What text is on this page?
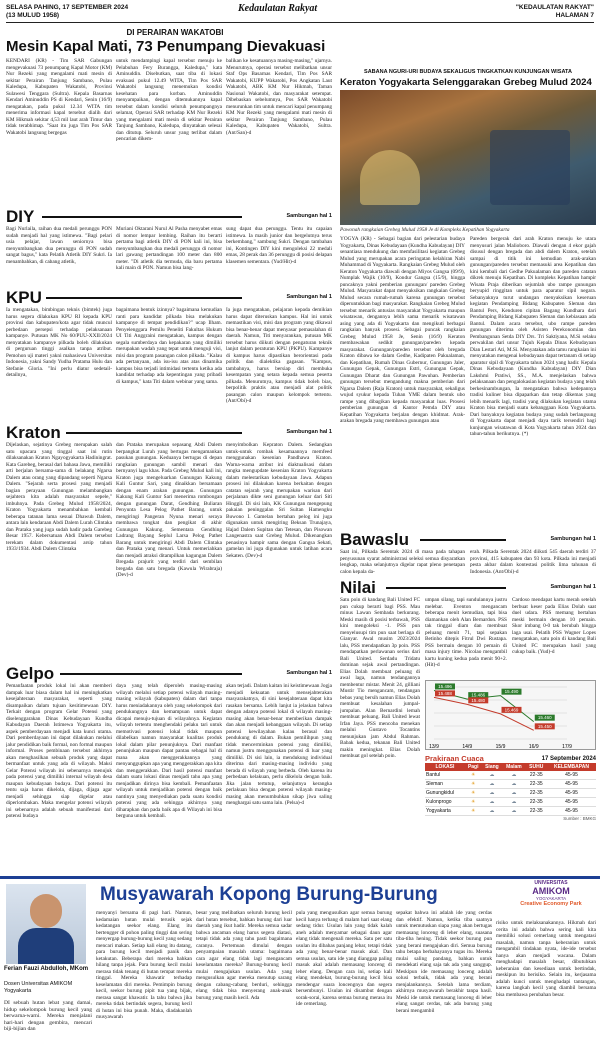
SELASA PAHING, 17 SEPTEMBER 2024
(13 MULUD 1958)
Kedaulatan Rakyat	"KEDAULATAN RAKYAT"
HALAMAN 7
DI PERAIRAN WAKATOBI
Mesin Kapal Mati, 73 Penumpang Dievakuasi
KENDARI (KR) - Tim SAR Gabungan mengevakuasi 73 penumpang Kapal Motor (KM) Nur Rezeki yang mengalami mati mesin di sekitar Perairan Tanjung Sambano, Pulau Kaledupa, Kabupaten Wakatobi, Provinsi Sulawesi Tenggara (Sultra). Kepala Basarnas Kendari Aminuddin PS di Kendari, Senin (16/9) mengatakan, pada pukul 12.34 WITA tim menerima informasi kapal tersebut dialih dari KM Hikmah sekitar 4,53 mil laut arah Timur dan tidak terabhimap. "Saat itu juga Tim Pos SAR Wakatobi langsung bergegas
untuk mendampingi kapal tersebut menuju ke Pelabuhan Fery Burangga, Kaledupa," kata Aminuddin. Disebutkan, saat tiba di lokasi evakuasi pukul 12.49 WITA, Tim Pos SAR Wakatobi langsung menemukan kondisi kesehatan para korban. Aminuddin menyampaikan, dengan ditemukannya kapal tersebut dalam kondisi seluruh penumpangnya selamat, Operasi SAR terhadap KM Nur Rezeki yang mengalami mati mesin di sekitar Perairan Tanjung Sambano, Kaledupa, dinyatakan selesai dan ditutup. Seluruh unsur yang terlibat dalam pencarian dikem-
balikan ke kesatuannya masing-masing," ujarnya. Menurutnya, operasi tersebut melibatkan unsur Staf Ops Basarnas Kendari, Tim Pos SAR Wakatobi, KUPP Wakatobi, Pos Angkatan Laut Wakatobi, ABK KM Nur Hikmah, Taman Nasional Wakatobi, dan masyarakat setempat. Dibebaskan sebelumnya, Pos SAR Wakatobi menurunkan tim untuk mencari kapal penumpang KM Nur Rezeki yang mengalami mati mesin di sekitar Perairan Tanjung Sambano, Pulau Kaledupa, Kabupaten Wakatobi, Sultra. (Ant/San)-d
DIY	Sambungan hal 1
Bagi Nurlaila, raihan dua medali perunggu PON sudah menjadi hal yang istimewa. "Bagi pelari usia pelajar, lawan seniornya bisa menyumbangkan dua perunggu di PON sudah sangat bagus," kata Pelatih Atletik DIY Sukri. Ia menambahkan, di cabang atletik,
Muriani Oktarani Nurul Al Pasha menyabet emas di nomor lempar lembing. Raihan itu berarti pertama bagi atletik DIY di PON kali ini, bisa menyumbangkan dua medali perunggu di nomor lari gawang pertandingan 100 meter dan 800 meter. "Di atletik dia termuda, dia baru pertama kali main di PON. Namun bisa lang-
sung dapat dua perunggu. Tentu itu capaian istimewa. Ia masih junior dan bergelutnya terus berkembang," sambung Sukri. Dengan tambahan ini, Kontingen DIY kini mengoleksi 22 medali emas, 28 perak dan 36 perunggu di posisi delapan klasemen sementara. (Yud/Hit)-d
KPU	Sambungan hal 1
Ia mengatakan, bimbingan teknis (bimtek) juga harus segera dilakukan KPU RI kepada KPU provinsi dan kabupaten/kota agar tidak muncul perbedaan persepsi terhadap pelaksanaan kampanye. Putusan MK No 60/PUU-XXII/2024 menyatakan kampanye pilkada boleh dilakukan di perguruan tinggi asalkan tanpa atribut. Pemohon uji materi yakni mahasiswa Universitas Indonesia, yakni Sandy Yudha Pratama Hulu dan Stefanie Gloria. "Ini perlu diatur sedetail-detailnya,
bagaimana bentuk izinnya? bagaimana kemudian ranti para kandidat pilkada bisa melakukan kampanye di tempat pendidikan?" ucap Ilham. Penyelenggara Pemilu Peneliti Fakultas Hukum UI Titi Anggraini mengatakan, kampus dengan segala sumberdaya dan kepakaran yang dimiliki merupakan wadah yang tepat untuk menguji visi, misi dan program pasangan calon pilkada. "Kalau ada pertanyaan, ada isu-isu atas atas dinamika kampus bisa terjadi intimidasi tertentu ketika ada kandidat terhadap ada kepentingan yang pribadi di kampus," kata Titi dalam webinar yang sama.
Ia juga mengatakan, pelajaran kepada demikian harus dapat diteruskan kampus. Hal ini untuk memastikan visi, misi dan program yang dikawal bisa benar-benar dapat menyasar pemasalahan di daerah. Namun, Titi menyarankan, putusan MK tersebut harus diikuti dengan pengaturan teknik lanjut dalam peraturan KPU (PKPU). Kampanye di kampus harus dipastikan berorientasi pada politik dan dialektika gagasan. "Kampus, tambahnya, harus bersiap diri membuka kesempatan yang setara kepada semua peserta pilkada. Menurutnya, kampus tidak boleh bias, berpolitik praktis atau menjadi alat politik pasangan calon maupun kelompok tertentu. (Ant/Obi)-d
Kraton	Sambungan hal 1
Dijelaskan, sejatinya Grebeg merupakan salah satu upacara yang tinggal saat ini rutin dilaksanakan Kraton Ngayogyakarta Hadiningrat. Kata Garebeg, berasal dari bahasa Jawa, memiliki arti berjalan bersama-sama di belakang Ngarsa Dalem atau orang yang dipandang seperti Ngarsa Dalem. "Sejarah serta prosesi yang menjadi bagian perayaan Gunungan melambangkan sejahtera kita adalah masyarakat sepele," imbuhnya. Pada Grebeg Mulud 1958/2024, Kraton Yogyakarta menambahkan kembali beberapa tatanan lama sesuai Dhawuh Dalem, antara lain kendaraan Abdi Dalem Lurah Clintaka dan Prataka yang juga sudah hadir pada Garebeg Besar 1957. Kebersatuan Abdi Dalem tersebut terekam dalam dokumentasi arsip tahun 1933/1934. Abdi Dalem Clintaka
dan Prataka merupakan sepasang Abdi Dalem berpangkat Lurah yang bertugas mengamankan pasukan gunungan. Keduanya bertugas di depan rangkaian gunungan sambil menari dan bernyanyi lagu khas. Pada Grebeg Mulud kali ini, Kraton juga mengeluarkan Gunungan Kakung Kali Guntur Sari, yang dinaikkan bersamaan dengan enam arakan gunungan. Gunungan Kakung Kali Guntur Sari menerima rombongan dengan gunungan Darat, Gendhing Buliaran Penyunta Lesa Pelog Pathet Barang, untuk mengiringi Pangeran Nyuna menari seraya membawa tongkat dan pengikat di akhir Gunungan Kakung. Sementara Gendhing Ladrang Bayang Seplul Larsa Pelog Pathet Barang untuk mengiringi Abdi Dalem Clintaka dan Prataka yang menari. Untuk memeriahkan dan menjadi atraksi ditampilkan kagungan Dalem Bregada prajurit yang terdiri dari sembilan bregada dan satu bregada (Kawula Wirabraja) (Dev)-d
menyimbolkan Kepraton Dalem. Sedangkan untuk-untuk rombak kesamaannya memfeed menggunakan kesenian Pandhawa Kraton. Warna-warna atribut ini diaktualisasi dalam rangka mengupdate kesenian Kraton Yogyakarta dalam melestarikan kebudayaan Jawa. Adapun prosesi ini dilakukan karena berkaitan dengan catatan sejarah yang merupakan warisan dari perjalanan dikte seni gunungan keluar dari Siti Hinggil. Di sisi lain, KK Gunungan mengepung pakaian peninggalan Sri Sultan Hamengku Buwono I. Gamelan bertahan pelog ini juga digunakan untuk mengiring Beksan Trunajaya, Hajad Dalem Supitan dan Tetesan, dan Pisowan Langenastra saat Grebeg Mulud. Dikenangkan penasinya hampir sama dengan Gangsa Sekati, gamelan ini juga digunakan untuk latihan acara Sekaten. (Dev)-d
Gelpo	Sambungan hal 1
Pemanfaatan produk lokal ini akan memberi dampak luar biasa dalam hal ini meningkatkan kesejahteraan masyarakat, seperti yang disampaikan dalam tujuan kesitimewaan DIY. Terkait dengan program Gelar Potensi yang diselenggarakan Dinas Kebudayaan Kundha Kabudayan Daerah Istimewa Yogyakarta itu, aspek pemberdayaan menjadi kata kunci utama. Dari pemberdayaan ini dapat dilakukan melalui jalur pendidikan baik formal, non formal maupun informal. Proses pembinaan tersebut akhirnya akan menghasilkan sebuah produk yang dapat bermanfaat untuk yang ada di wilayah. Maksi Gelar Potensi wilayah ini sebenarnya menujuk pada potensi yang dimiliki internal wilayah desa maupun kebudayaan budaya. Dari potensi itu tentu saja harus dikelola, dijaga, dijaga agar menjadi sehingga siap digelar atau diperlombakan. Maka mengelar potensi wilayah ini sebenarnya adalah sebuah manifestasi dari potensi budaya
daya yang telah diperoleh masing-masing wilayah melalui setiap potensi wilayah masing-masing wilayah (kabupaten) dalam dari tanpa harus meniadakannya oleh yang sekelompok dari pendukungnya dan kemampuan untuk dapat dicapai menuju-tujuan di wilayahnya. Kegiatan wilayah tertentu menghendaki pelaku tari untuk memotivasi potensi lokal tidak maupun dilabelkan namun masyarakat kualitas produk lokal dalam pilar penunjuknya. Dari manfaat penunjukan maupun dapat pantau sebagai hal di mana akan menggerakkannya yang menyanggupkan apa yang menggerakkan apa kita dan menggerakkan. Dari hasil potensi manfaat dalam suatu lokasi dinas menjadi tahu apa yang menjadikan dirinya bisa kembali. Pemanfaatan wilayah untuk menjadikan potensi dengan baik nantinya yang menyediakan pada suatu kondisi potensi yang ada sehingga akhirnya yang diharapkan dan pada baik apa di Wilayah ini bisa berguna untuk kembali.
akan terjadi. Dalam kaitan ini keistimewaan Jogja menjadi kekuatan untuk mensejahterakan masyarakatnya, di sini kesejahteraan dapat kita rasakan bersama. Lebih lanjut ia jelaskan bahwa dengan adanya potensi lokal di wilayah masing-masing akan benar-benar memberikan dampak dan akan menjadi kebanggaan wilayah. Di setiap potensi kewilayahan kalau berasal dan pendukung di dalam. Bukan pemilihpun yang tidak mencerminkan potensi yang dimiliki, namun justru menggunakan potensi di luar yang dimiliki. Di sisi lain, ia mendukung individual diterima dari masing-masing individu yang berada di wilayah yang berbeda. Oleh karena itu perbedaan kelakuan, perlu dikelola dengan baik. Jika jalan tertutup, selanjutnya kerangka perlakuan bisa dengan potensi wilayah masing-masing akan menumbuhkan sikap jiwa saling menghargai satu sama lain. (Pelsa)-d
SABANA NGURI-URI BUDAYA SEKALIGUS TINGKATKAN KUNJUNGAN WISATA
Keraton Yogyakarta Selenggarakan Grebeg Mulud 2024
Pawonah rangkaian Grebeg Mulud 1958 Je di Kompleks Kepatihan Yogyakarta
YOGYA (KR) - Sebagai bagian dari pelestarian budaya Yogyakarta, Dinas Kebudayaan (Kundha Kabudayan) DIY senantiasa mendukung dan memfasilitasi kegiatan Grebeg Mulud yang merupakan acara peringatan kelahiran Nabi Muhammad di Yogyakarta. Rangkaian Grebeg Mulud oleh Keraton Yogyakarta diawali dengan Miyos Gangsa (09/9), Numplak Wajik (10/9), Kondur Gangsa (15/9), hingga puncaknya yakni pemberian gunungan/ pareden Grebeg Mulud. Masyarakat dapat menyaksikan rangkaian Grebeg Mulud secara rumah-rumah karena gunungan tersebut diperuntukkan bagi masyarakat. Rangkaian Grebeg Mulud tersebut menarik antusias masyarakat Yogyakarta maupun wisatawan, dengannya lebih sama menarik wisatawan asing yang ada di Yogyakarta dan mengikuti berbagai rangkaian banyak prosesi. Sebagai puncak rangkaian Grebeg Mulud 1958 Je, Senin (16/9) Keraton membawakan sedikit gunungan/pareden kepada masyarakat. Gunungan/pareden tersebut oleh bregada Kraton dibawa ke dalam Gedhe, Kadipaten Pakualaman, dan Kepatihan, Rumah Dinas Gubernur, Gunungan Jaler, Gunungan Gepak, Gunungan Estri, Gunungan Gepak, Gunungan Dharat dan Gunungan Pawuhan. Pemberian gunungan tersebut mengandung makna pemberian dari Ngarsa Dalem (Raja Kraton) untuk masyarakat, sekaligus wujud syukur kepada Tuhan YME dalam bentuk ubo rampe yang dibagikan kepada masyarakat luas. Prosesi pemberian gunungan di Kantor Pemda DIY atau Kepatihan Yogyakarta berjalan dengan khidmat. Arak-arakan bregada yang membawa gunungan atau
Pareden bergerak dari arah Kraton menuju ke utara menyusuri jalan Malioboro. Diawali dengan 4 ekor gajah disusul dengan bregada dan abdi dalem Kraton, setelah sampai di titik ini kemudian arak-arakan gunungan/pareden tersebut memasuki area Kepatihan dan kini kembali dari Gedhe Pakualaman dan pareden catatan dikrek menuju Kepatihan. Di kompleks Kepatihan hampir Wisata Praja diberikan sejumlah ubo rampe gunungan beryupid ringgitan untuk para aparatur sipil negara. Sebanyaknya turut undangan menyaksikan keseruan kegiatan Pendamping Bidang Kabupaten Sleman dan Bantul Pers, Kenduren cipitan Bagang Kundhara dari Pendamping Bidang Kabupaten Sleman dan kebiasaan ada Bantul. Dalam acara tersebut, ubo rampe pareden gunungan diterima oleh Asisten Perekonomian dan Pembangunan Setda DIY Drs. Tri Saktiyana, M.Si selaku perwakilan dari unsur Tujuh Kepala Dinas Kebudayaan Dian Lestari Ati, M.Si. Menyatakan ada tamu rangkaian ini menyatakan mengenai kebudayaan dapat tertanam di setiap aparatur sipil di Yogyakarta tahun 2024 yang hadir. Kepala Dinas Kebudayaan (Kundha Kabudayan) DIY Dian Lakshmi Pratiwi, SS., M.A. menjelaskan bahwa pelaksanaan dan pengalokasian kegiatan budaya yang telah berkesinambungan, Ia mengatakan bahwa kedepannya tradisi kuliner bisa dipaparkan dan tetap dikemas yang lebih menarik lagi, tradisi yang dilakukan kegiatan utama Kraton bisa menjadi suatu kebanggaan Kota Yogyakarta. Dari banyaknya kegiatan budaya yang sudah berlangsung di Yogyakarta dapat menjadi daya tarik tersendiri bagi kunjungan wisatawan di Kota Yogyakarta tahun 2024 dan tahun-tahun berikutnya. (*)
Bawaslu	Sambungan hal 1
Saat ini, Pilkada Serentak 2024 di masa pada tahapan penyusunan syarat administrasi seleksi semua disyaratkan lengkap, maka selanjutnya digelar rapat pleno penetapan calon kepala da-
erah. Pilkada Serentak 2024 diikuti 545 daerah terdiri 37 provinsi, 415 kabupaten dan 93 kota. Pilkada ini menjadi pesta akbar dalam kontestasi politik lima tahunan di Indonesia. (Ant/Obi)-d
Nilai	Sambungan hal 1
Satu poin di kandang Bali United FC pun cukup berarti bagi PSS. Mau minus Lawan Sembada berkurang. Meski masih di posisi terbawah, PSS kini mengoleksi -1. PSS pun menyelusupi tim pun saat berlaga di Gianyar. Awal musim 2023/2024 lalu, PSS mendapatkan 3p poin. PSS mendapatkan perlawanan serius dari Bali United. Serdadu Tridatu dominan sejak awal pertandingan. Elias Dolah membuat peluang di awal laga, namun tendangannya membentur mistar. Menit 24, gilliani Mustir Tio mengancam, tendangan bebas yang bersih namun Elias Dolah membuat kesalahan jumpal-jumpalan. Alan Bernardini lemah membuat peluang. Bali United lewat Irfan Jaya. PSS mencoba menekan melalui Gustavo Tocantins menunjukan jam Abdul Rahman. Babak kedua, tekanan Bali United makin meningkat. Elias Dolah membuat gol setelah poin.
umpan silang, tapi sundulannya justru melebar. Eventon mengancam beberapa menit kemudian, tapi bisa diamankan oleh Alan Bernardon. PSS tak tinggal diam dan membuat peluang menit 71, tapi sepakan Betinho ditepis Fitrul Dwi Rustapa. PSS bermain dengan 10 pemain di masa injury time. Nicolao mengambil kartu kuning kedua pada menit 90+2. (Hit)-d
Cardoso mendapat kartu merah setelah berbuat keser pada Elias Dolah saat duel udara. PSS memang bertahan meski bermain dengan 10 pemain. Skor imbang 0-0 tak berubah hingga laga usai. Pelatih PSS Wagner Lopes mengatakan, satu poin di kandang Bali United FC merupakan hasil yang cukup baik. (Yud)-d
15.496
15.486
15.490
15.460
15.488
15.480
15.469
15.450
13/9	14/9	15/9	16/9	17/9
Prakiraan Cuaca	17 September 2024
LOKASI	Pagi	Siang	Malam	SUHU	KELEMBAPAN
Bantul	☀	☁	☁	22-35	45-95
Sleman	☀	☁	☁	22-35	45-95
Gunungkidul	☀	☁	☁	22-35	45-95
Kulonprogo	☀	☁	☁	22-35	45-95
Yogyakarta	☀	☁	☁	22-35	45-95
Sumber : BMKG
Musyawarah Kopong Burung-Burung
UNIVERSITAS
AMIKOM
YOGYAKARTA
Creative Economy Park
Ferian Fauzi Abdulloh, MKom
Dosen Universitas AMIKOM Yogyakarta
DI sebuah hutan lebat yang damai, hidup sekelompok burung kecil yang berwarna-warni. Mereka menjalani hari-hari dengan gembira, mencari biji-bijian dan
menyanyi bersama di pagi hari. Namun, kedamaian hutan mulai terusik sejak kedatangan seekor elang. Elang itu bertengger di pohon paling tinggi dan sering menyergap burung-burung kecil yang sedang mencari makan. Setiap kali elang itu datang, para burung kecil menjadi panik dan ketakutan. Beberapa dari mereka bahkan hilang tanpa jejak. Para burung kecil mulai merasa tidak tenang di hutan tempat mereka tinggal. Mereka khawatir terhadap keselamatan diri mereka. Pemimpin burung kecil, seekor burung pipit tua yang bijak, merasa sangat khawatir. Ia tahu bahwa jika mereka tidak bertindak segera, burung kecil di hutan ini bisa punah. Maka, diadakanlah musyawarah
besar yang melibatkan seluruh burung kecil dari hutan tersebut, bahkan burung dari luar daerah yang ikut hadir. Mereka semua sadar bahwa ancaman elang harus segera diatasi, tetapi tidak ada yang tahu pasti bagaimana caranya. Pertemuan dimulai dengan penyampaian masalah utama: bagaimana cara agar elang tidak lagi mengancam keselamatan mereka? Burung-burung kecil mulai mengajukan usulan. Ada yang mengusulkan agar mereka menutup sarang dengan cabang-cabang berduri, sehingga elang tidak bisa menyerang anak-anak burung yang masih kecil. Ada
pula yang mengusulkan agar semua burung kecil hanya terbang di malam hari saat elang sedang tidur. Usulan lain yang tidak kalah aneh adalah menyamar sebagai daun agar elang tidak mengenali mereka. Satu per satu usulan itu dibahas panjang lebar, tetapi tidak ada yang benar-benar masuk akal. Dan semua usulan, satu ide yang dianggap paling masuk akal adalah memasang lonceng di leher elang. Dengan cara ini, setiap kali elang mendekat, burung-burung kecil bisa mendengar suara loncengnya dan segera bersembunyi. Usulan ini disambut dengan sorak-sorai, karena semua burung merasa itu ide cemerlang.
sepakat bahwa ini adalah ide yang cerdas dan efektif. Namun, ketika tiba saatnya untuk memutuskan siapa yang akan bertugas memasang lonceng di leher elang, suasana tiba-tiba hening. Tidak seekor burung pun yang berani mengajukan diri. Semua burung tahu betapa berbahayanya tugas itu. Mereka mulai saling pandang, bahkan untuk mendekati elang saja tak ada yang sanggup. Meskipun ide memasang lonceng adalah solusi terbaik, tidak ada yang berani menjalankannya. Setelah lama terdiam, akhirnya musyawarah berakhir tanpa hasil. Meski ide untuk memasang lonceng di leher elang sangat cerdas, tak ada burung yang berani mengambil
risiko untuk melaksanakannya. Hikmah dari cerita ini adalah bahwa sering kali kita memiliki solusi cemerlang untuk mengatasi masalah, namun tanpa keberanian untuk mengambil tindakan nyata, ide-ide tersebut hanya akan menjadi wacana. Dalam menghadapi masalah besar, dibutuhkan keberanian dan kesediaan untuk bertindak, meskipun itu berisiko. Selain itu, kerjasama adalah kunci untuk menghadapi tantangan, karena langkah kecil yang diambil bersama bisa membawa perubahan besar.
